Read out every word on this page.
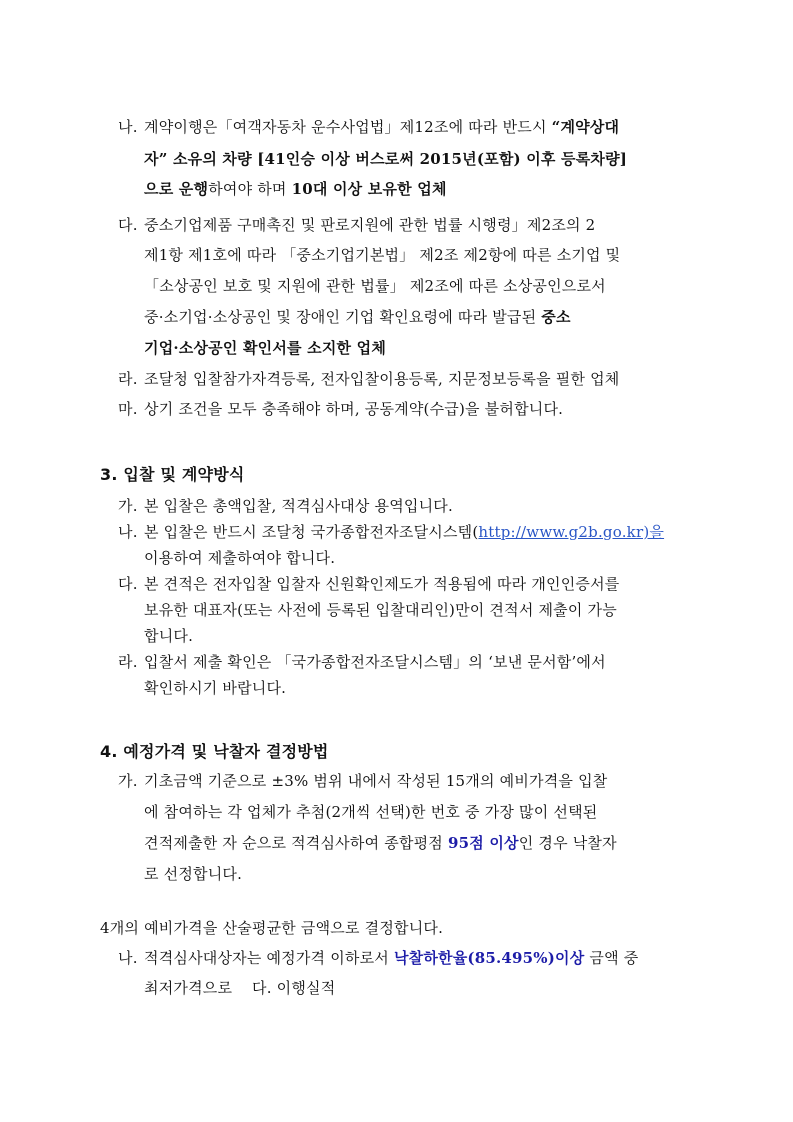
나. 계약이행은「여객자동차 운수사업법」제12조에 따라 반드시 “계약상대
자” 소유의 차량 [41인승 이상 버스로써 2015년(포함) 이후 등록차량]
으로 운행하여야 하며 10대 이상 보유한 업체
다. 중소기업제품 구매촉진 및 판로지원에 관한 법률 시행령」제2조의 2
제1항 제1호에 따라 「중소기업기본법」 제2조 제2항에 따른 소기업 및
「소상공인 보호 및 지원에 관한 법률」 제2조에 따른 소상공인으로서
중·소기업·소상공인 및 장애인 기업 확인요령에 따라 발급된 중소
기업·소상공인 확인서를 소지한 업체
라. 조달청 입찰참가자격등록, 전자입찰이용등록, 지문정보등록을 필한 업체
마. 상기 조건을 모두 충족해야 하며, 공동계약(수급)을 불허합니다.
3. 입찰 및 계약방식
가. 본 입찰은 총액입찰, 적격심사대상 용역입니다.
나. 본 입찰은 반드시 조달청 국가종합전자조달시스템(http://www.g2b.go.kr)을
이용하여 제출하여야 합니다.
다. 본 견적은 전자입찰 입찰자 신원확인제도가 적용됨에 따라 개인인증서를
보유한 대표자(또는 사전에 등록된 입찰대리인)만이 견적서 제출이 가능
합니다.
라. 입찰서 제출 확인은 「국가종합전자조달시스템」의 ‘보낸 문서함’에서
확인하시기 바랍니다.
4. 예정가격 및 낙찰자 결정방법
가. 기초금액 기준으로 ±3% 범위 내에서 작성된 15개의 예비가격을 입찰
에 참여하는 각 업체가 추첨(2개씩 선택)한 번호 중 가장 많이 선택된
견적제출한 자 순으로 적격심사하여 종합평점 95점 이상인 경우 낙찰자
로 선정합니다.
4개의 예비가격을 산술평균한 금액으로 결정합니다.
나. 적격심사대상자는 예정가격 이하로서 낙찰하한율(85.495%)이상 금액 중
최저가격으로    다. 이행실적
